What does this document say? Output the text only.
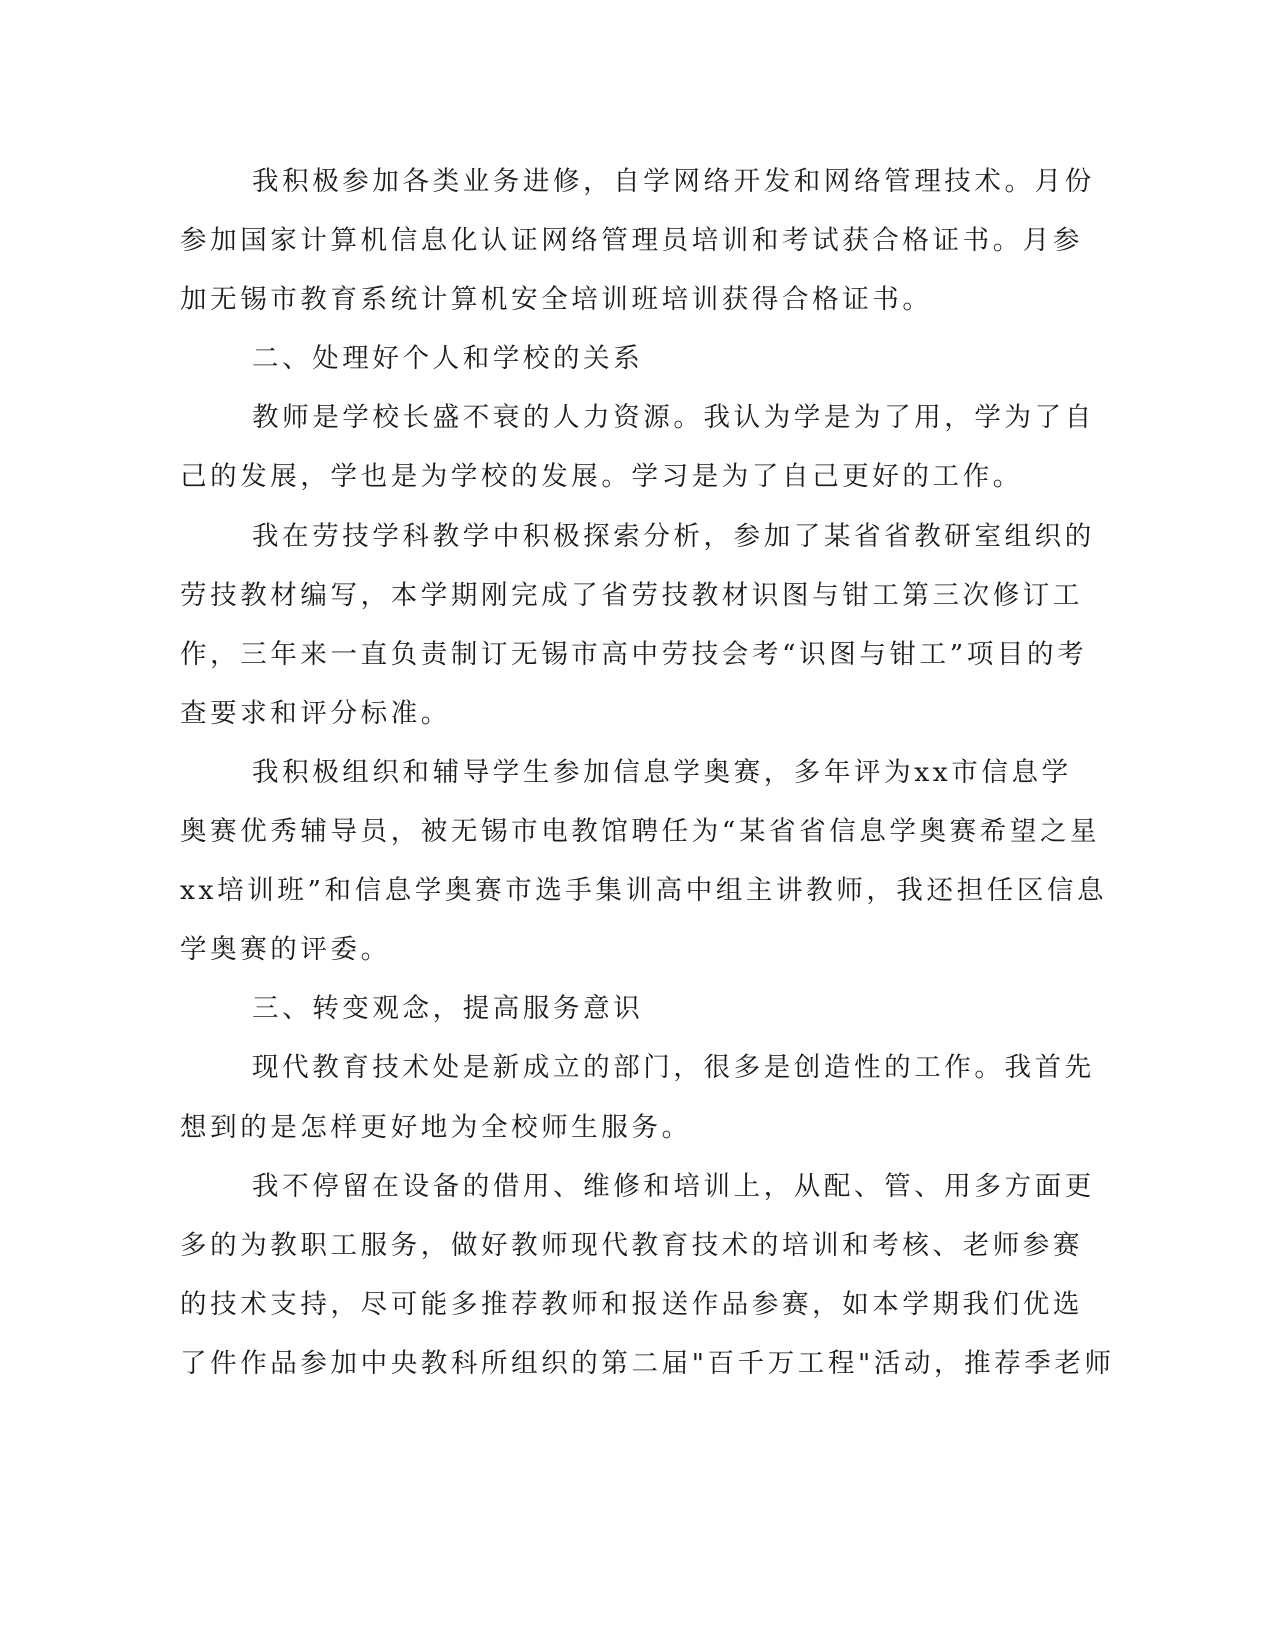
我积极参加各类业务进修，自学网络开发和网络管理技术。月份
参加国家计算机信息化认证网络管理员培训和考试获合格证书。月参
加无锡市教育系统计算机安全培训班培训获得合格证书。
二、处理好个人和学校的关系
教师是学校长盛不衰的人力资源。我认为学是为了用，学为了自
己的发展，学也是为学校的发展。学习是为了自己更好的工作。
我在劳技学科教学中积极探索分析，参加了某省省教研室组织的
劳技教材编写，本学期刚完成了省劳技教材识图与钳工第三次修订工
作，三年来一直负责制订无锡市高中劳技会考“识图与钳工”项目的考
查要求和评分标准。
我积极组织和辅导学生参加信息学奥赛，多年评为xx市信息学
奥赛优秀辅导员，被无锡市电教馆聘任为“某省省信息学奥赛希望之星
xx培训班”和信息学奥赛市选手集训高中组主讲教师，我还担任区信息
学奥赛的评委。
三、转变观念，提高服务意识
现代教育技术处是新成立的部门，很多是创造性的工作。我首先
想到的是怎样更好地为全校师生服务。
我不停留在设备的借用、维修和培训上，从配、管、用多方面更
多的为教职工服务，做好教师现代教育技术的培训和考核、老师参赛
的技术支持，尽可能多推荐教师和报送作品参赛，如本学期我们优选
了件作品参加中央教科所组织的第二届"百千万工程"活动，推荐季老师
